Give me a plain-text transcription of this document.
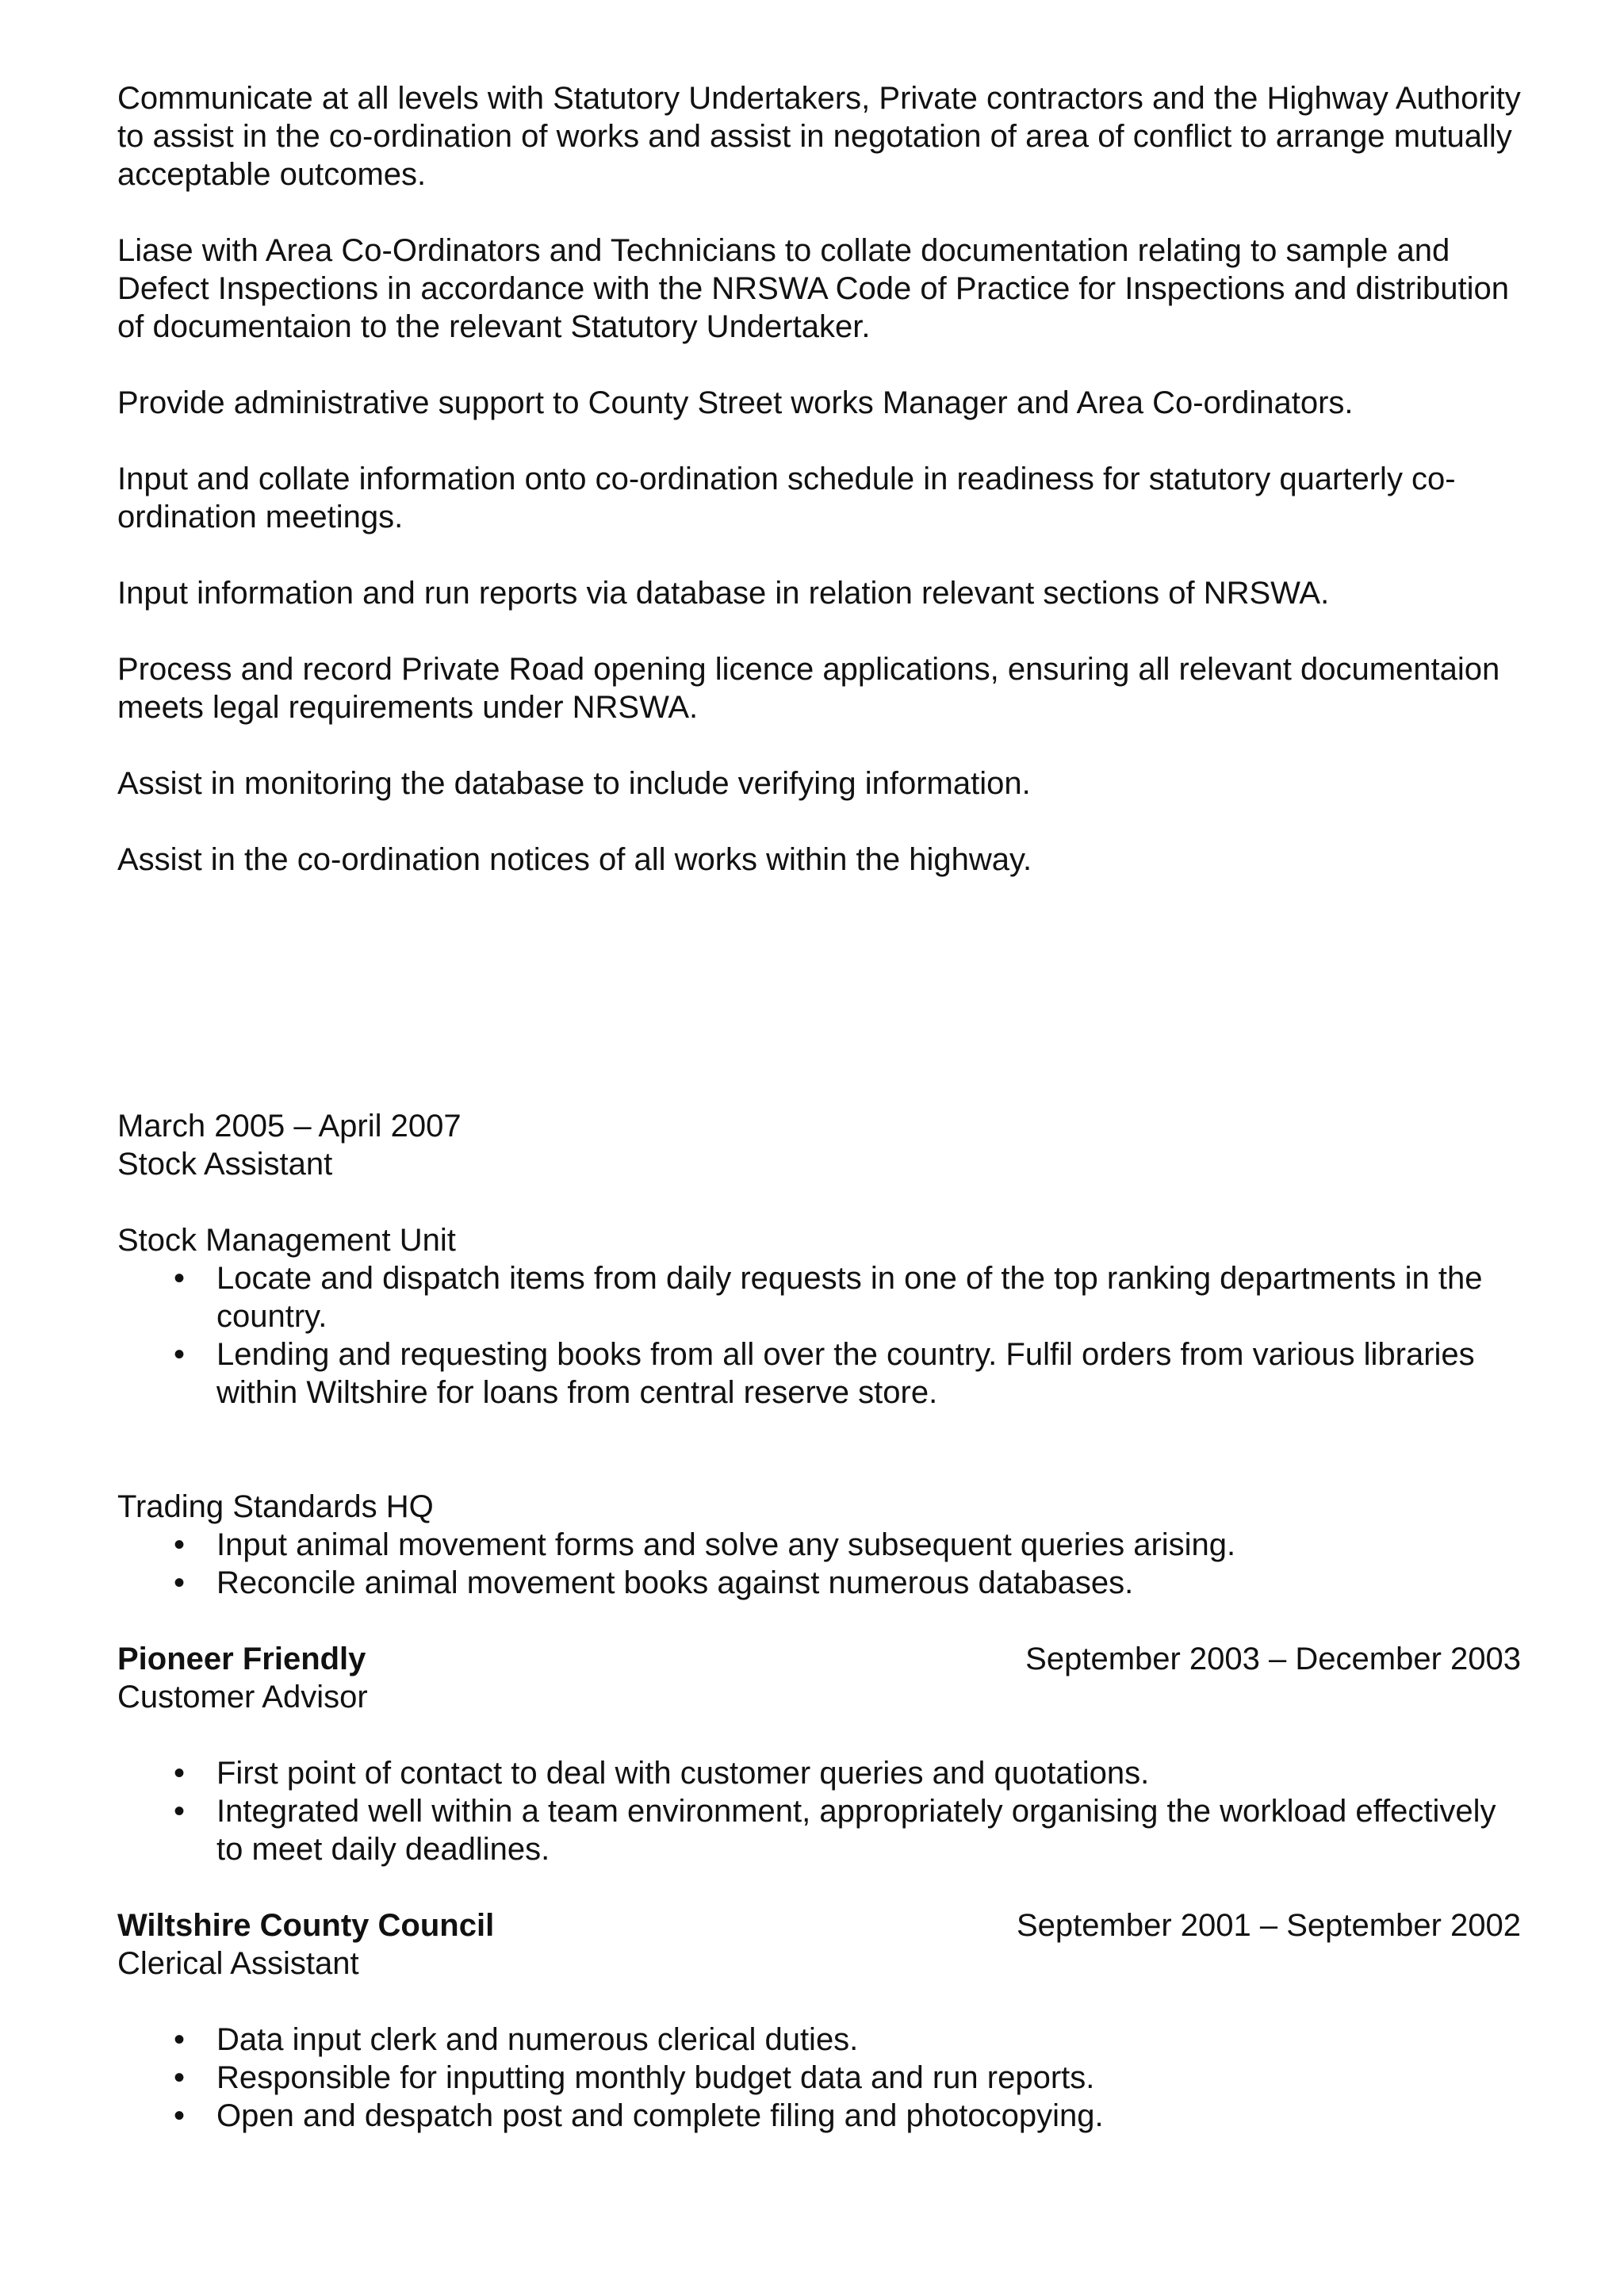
Communicate at all levels with Statutory Undertakers, Private contractors and the Highway Authority to assist in the co-ordination of works and assist in negotation of area of conflict to arrange mutually acceptable outcomes.

Liase with Area Co-Ordinators and Technicians to collate documentation relating to sample and Defect Inspections in accordance with the NRSWA Code of Practice for Inspections and distribution of documentaion to the relevant Statutory Undertaker.

Provide administrative support to County Street works Manager and Area Co-ordinators.

Input and collate information onto co-ordination schedule in readiness for statutory quarterly co-ordination meetings.

Input information and run reports via database in relation relevant sections of NRSWA.

Process and record Private Road opening licence applications, ensuring all relevant documentaion meets legal requirements under NRSWA.

Assist in monitoring the database to include verifying information.

Assist in the co-ordination notices of all works within the highway.

March 2005 – April 2007

Stock Assistant

Stock Management Unit

• Locate and dispatch items from daily requests in one of the top ranking departments in the country.
• Lending and requesting books from all over the country. Fulfil orders from various libraries within Wiltshire for loans from central reserve store.

Trading Standards HQ

• Input animal movement forms and solve any subsequent queries arising.
• Reconcile animal movement books against numerous databases.
Pioneer Friendly	September 2003 – December 2003

Customer Advisor

• First point of contact to deal with customer queries and quotations.
• Integrated well within a team environment, appropriately organising the workload effectively to meet daily deadlines.
Wiltshire County Council	September 2001 – September 2002

Clerical Assistant

• Data input clerk and numerous clerical duties.
• Responsible for inputting monthly budget data and run reports.
• Open and despatch post and complete filing and photocopying.
